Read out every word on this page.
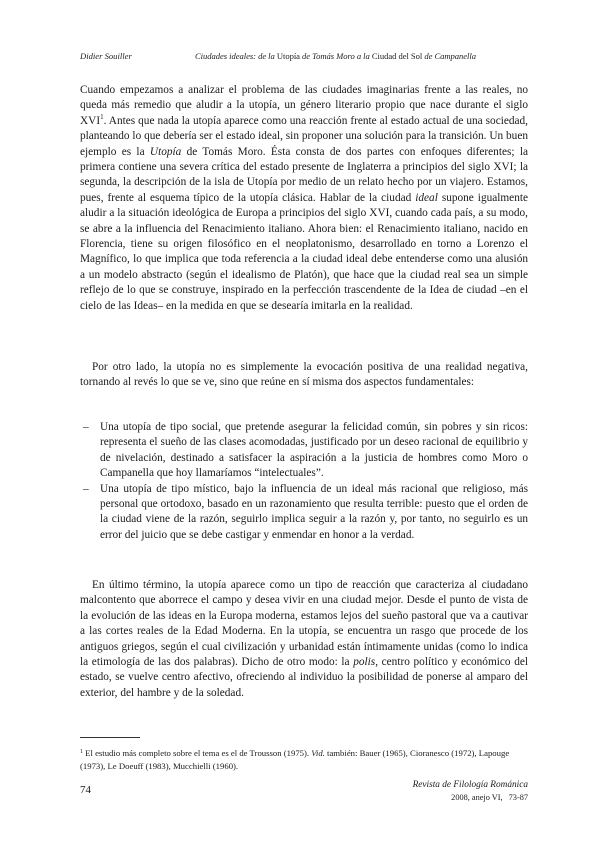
Didier Souiller	Ciudades ideales: de la Utopía de Tomás Moro a la Ciudad del Sol de Campanella

Cuando empezamos a analizar el problema de las ciudades imaginarias frente a las reales, no queda más remedio que aludir a la utopía, un género literario propio que nace durante el siglo XVI$^1$. Antes que nada la utopía aparece como una reacción frente al estado actual de una sociedad, planteando lo que debería ser el estado ideal, sin proponer una solución para la transición. Un buen ejemplo es la Utopía de Tomás Moro. Ésta consta de dos partes con enfoques diferentes; la primera contiene una severa crítica del estado presente de Inglaterra a principios del siglo XVI; la segunda, la descripción de la isla de Utopía por medio de un relato hecho por un viajero. Estamos, pues, frente al esquema típico de la utopía clásica. Hablar de la ciudad ideal supone igualmente aludir a la situación ideológica de Europa a principios del siglo XVI, cuando cada país, a su modo, se abre a la influencia del Renacimiento italiano. Ahora bien: el Renacimiento italiano, nacido en Florencia, tiene su origen filosófico en el neoplatonismo, desarrollado en torno a Lorenzo el Magnífico, lo que implica que toda referencia a la ciudad ideal debe entenderse como una alusión a un modelo abstracto (según el idealismo de Platón), que hace que la ciudad real sea un simple reflejo de lo que se construye, inspirado en la perfección trascendente de la Idea de ciudad –en el cielo de las Ideas– en la medida en que se desearía imitarla en la realidad.

Por otro lado, la utopía no es simplemente la evocación positiva de una realidad negativa, tornando al revés lo que se ve, sino que reúne en sí misma dos aspectos fundamentales:

– Una utopía de tipo social, que pretende asegurar la felicidad común, sin pobres y sin ricos: representa el sueño de las clases acomodadas, justificado por un deseo racional de equilibrio y de nivelación, destinado a satisfacer la aspiración a la justicia de hombres como Moro o Campanella que hoy llamaríamos “intelectuales”.

– Una utopía de tipo místico, bajo la influencia de un ideal más racional que religioso, más personal que ortodoxo, basado en un razonamiento que resulta terrible: puesto que el orden de la ciudad viene de la razón, seguirlo implica seguir a la razón y, por tanto, no seguirlo es un error del juicio que se debe castigar y enmendar en honor a la verdad.

En último término, la utopía aparece como un tipo de reacción que caracteriza al ciudadano malcontento que aborrece el campo y desea vivir en una ciudad mejor. Desde el punto de vista de la evolución de las ideas en la Europa moderna, estamos lejos del sueño pastoral que va a cautivar a las cortes reales de la Edad Moderna. En la utopía, se encuentra un rasgo que procede de los antiguos griegos, según el cual civilización y urbanidad están íntimamente unidas (como lo indica la etimología de las dos palabras). Dicho de otro modo: la polis, centro político y económico del estado, se vuelve centro afectivo, ofreciendo al individuo la posibilidad de ponerse al amparo del exterior, del hambre y de la soledad.

$^1$ El estudio más completo sobre el tema es el de Trousson (1975). Vid. también: Bauer (1965), Cioranesco (1972), Lapouge (1973), Le Doeuff (1983), Mucchielli (1960).
74	Revista de Filología Románica
2008, anejo VI, 73-87
